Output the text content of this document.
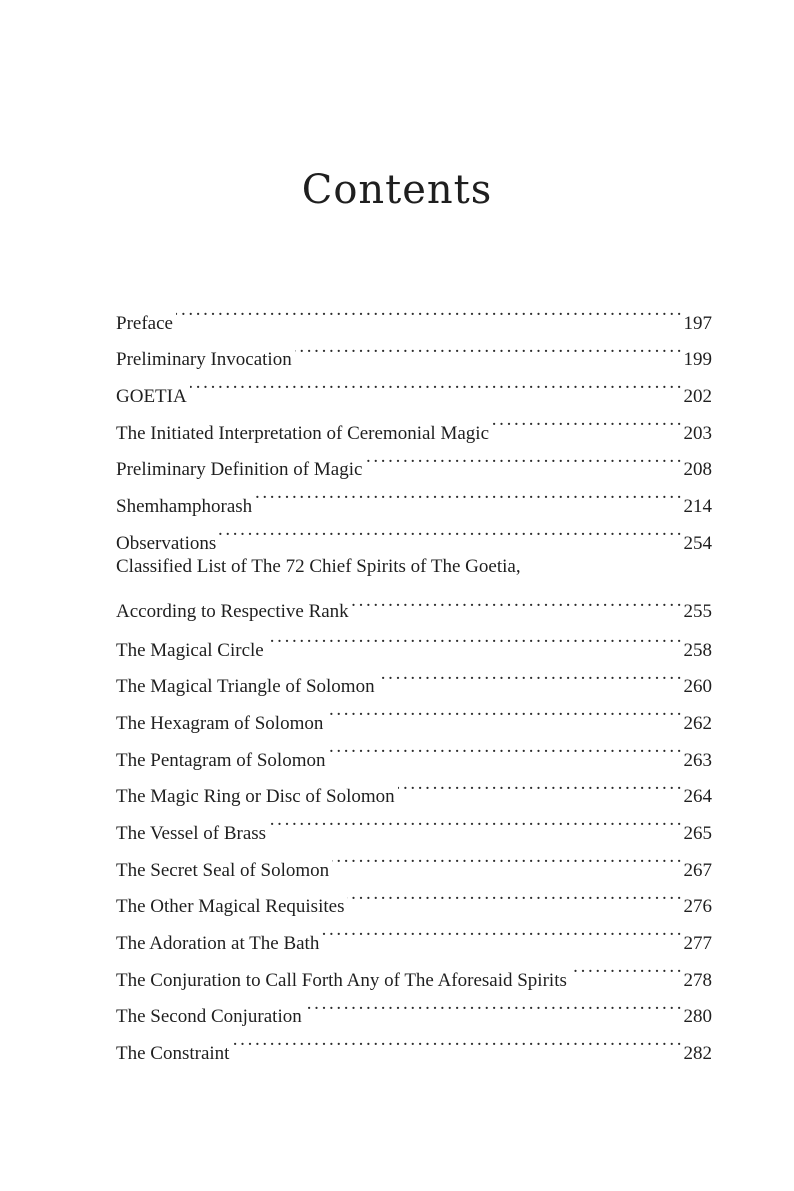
Contents
Preface . . .	197
Preliminary Invocation . . .	199
GOETIA . . .	202
The Initiated Interpretation of Ceremonial Magic . . .	203
Preliminary Definition of Magic . . .	208
Shemhamphorash . . .	214
Observations . . .	254
Classified List of The 72 Chief Spirits of The Goetia,
According to Respective Rank . . .	255
The Magical Circle . . .	258
The Magical Triangle of Solomon . . .	260
The Hexagram of Solomon . . .	262
The Pentagram of Solomon . . .	263
The Magic Ring or Disc of Solomon . . .	264
The Vessel of Brass . . .	265
The Secret Seal of Solomon . . .	267
The Other Magical Requisites . . .	276
The Adoration at The Bath . . .	277
The Conjuration to Call Forth Any of The Aforesaid Spirits . . .	278
The Second Conjuration . . .	280
The Constraint . . .	282
